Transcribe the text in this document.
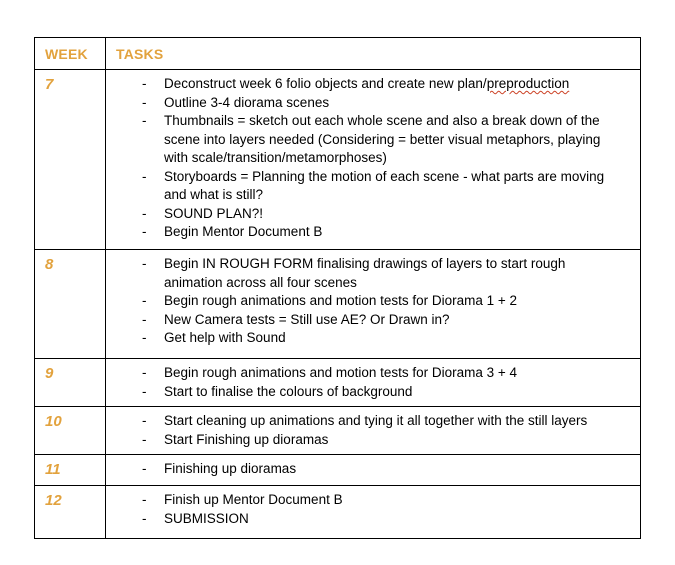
WEEK	TASKS
7	
-Deconstruct week 6 folio objects and create new plan/preproduction
- Outline 3-4 diorama scenes
- Thumbnails = sketch out each whole scene and also a break down of the scene into layers needed (Considering = better visual metaphors, playing with scale/transition/metamorphoses)
- Storyboards = Planning the motion of each scene - what parts are moving and what is still?
- SOUND PLAN?!
- Begin Mentor Document B

8	
-Begin IN ROUGH FORM finalising drawings of layers to start rough animation across all four scenes
- Begin rough animations and motion tests for Diorama 1 + 2
- New Camera tests = Still use AE? Or Drawn in?
- Get help with Sound

9	
-Begin rough animations and motion tests for Diorama 3 + 4
- Start to finalise the colours of background

10	
-Start cleaning up animations and tying it all together with the still layers
- Start Finishing up dioramas

11	
-Finishing up dioramas

12	
-Finish up Mentor Document B
- SUBMISSION
